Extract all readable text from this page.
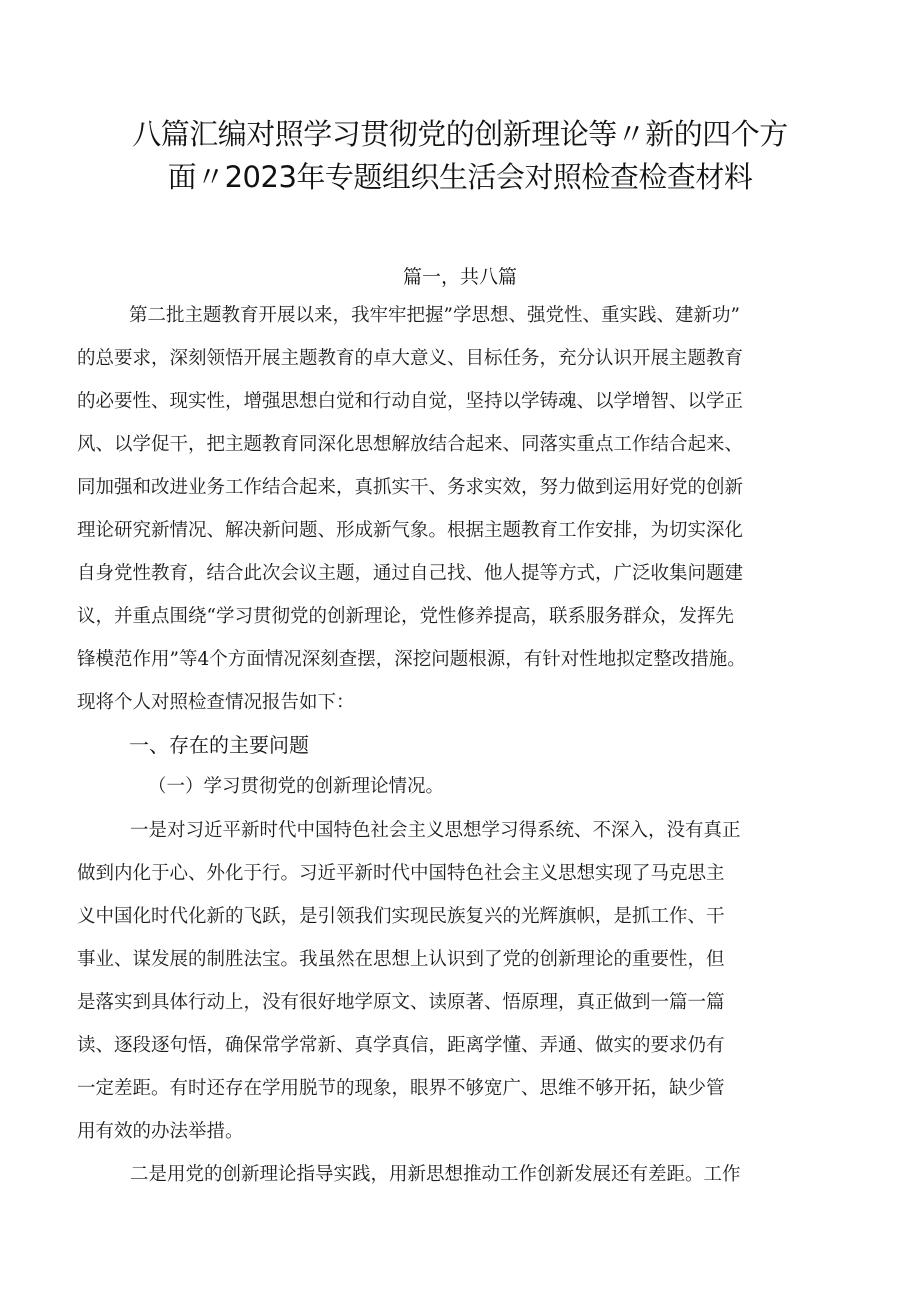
八篇汇编对照学习贯彻党的创新理论等〃新的四个方
面〃2023年专题组织生活会对照检查检查材料
篇一，共八篇
第二批主题教育开展以来，我牢牢把握”学思想、强党性、重实践、建新功”
的总要求，深刻领悟开展主题教育的卓大意义、目标任务，充分认识开展主题教育
的必要性、现实性，增强思想白觉和行动自觉，坚持以学铸魂、以学增智、以学正
风、以学促干，把主题教育同深化思想解放结合起来、同落实重点工作结合起来、
同加强和改进业务工作结合起来，真抓实干、务求实效，努力做到运用好党的创新
理论研究新情况、解决新问题、形成新气象。根据主题教育工作安排，为切实深化
自身党性教育，结合此次会议主题，通过自己找、他人提等方式，广泛收集问题建
议，并重点围绕“学习贯彻党的创新理论，党性修养提高，联系服务群众，发挥先
锋模范作用”等4个方面情况深刻查摆，深挖问题根源，有针对性地拟定整改措施。
现将个人对照检查情况报告如下：
一、存在的主要问题
（一）学习贯彻党的创新理论情况。
一是对习近平新时代中国特色社会主义思想学习得系统、不深入，没有真正
做到内化于心、外化于行。习近平新时代中国特色社会主义思想实现了马克思主
义中国化时代化新的飞跃，是引领我们实现民族复兴的光辉旗帜，是抓工作、干
事业、谋发展的制胜法宝。我虽然在思想上认识到了党的创新理论的重要性，但
是落实到具体行动上，没有很好地学原文、读原著、悟原理，真正做到一篇一篇
读、逐段逐句悟，确保常学常新、真学真信，距离学懂、弄通、做实的要求仍有
一定差距。有时还存在学用脱节的现象，眼界不够宽广、思维不够开拓，缺少管
用有效的办法举措。
二是用党的创新理论指导实践，用新思想推动工作创新发展还有差距。工作
